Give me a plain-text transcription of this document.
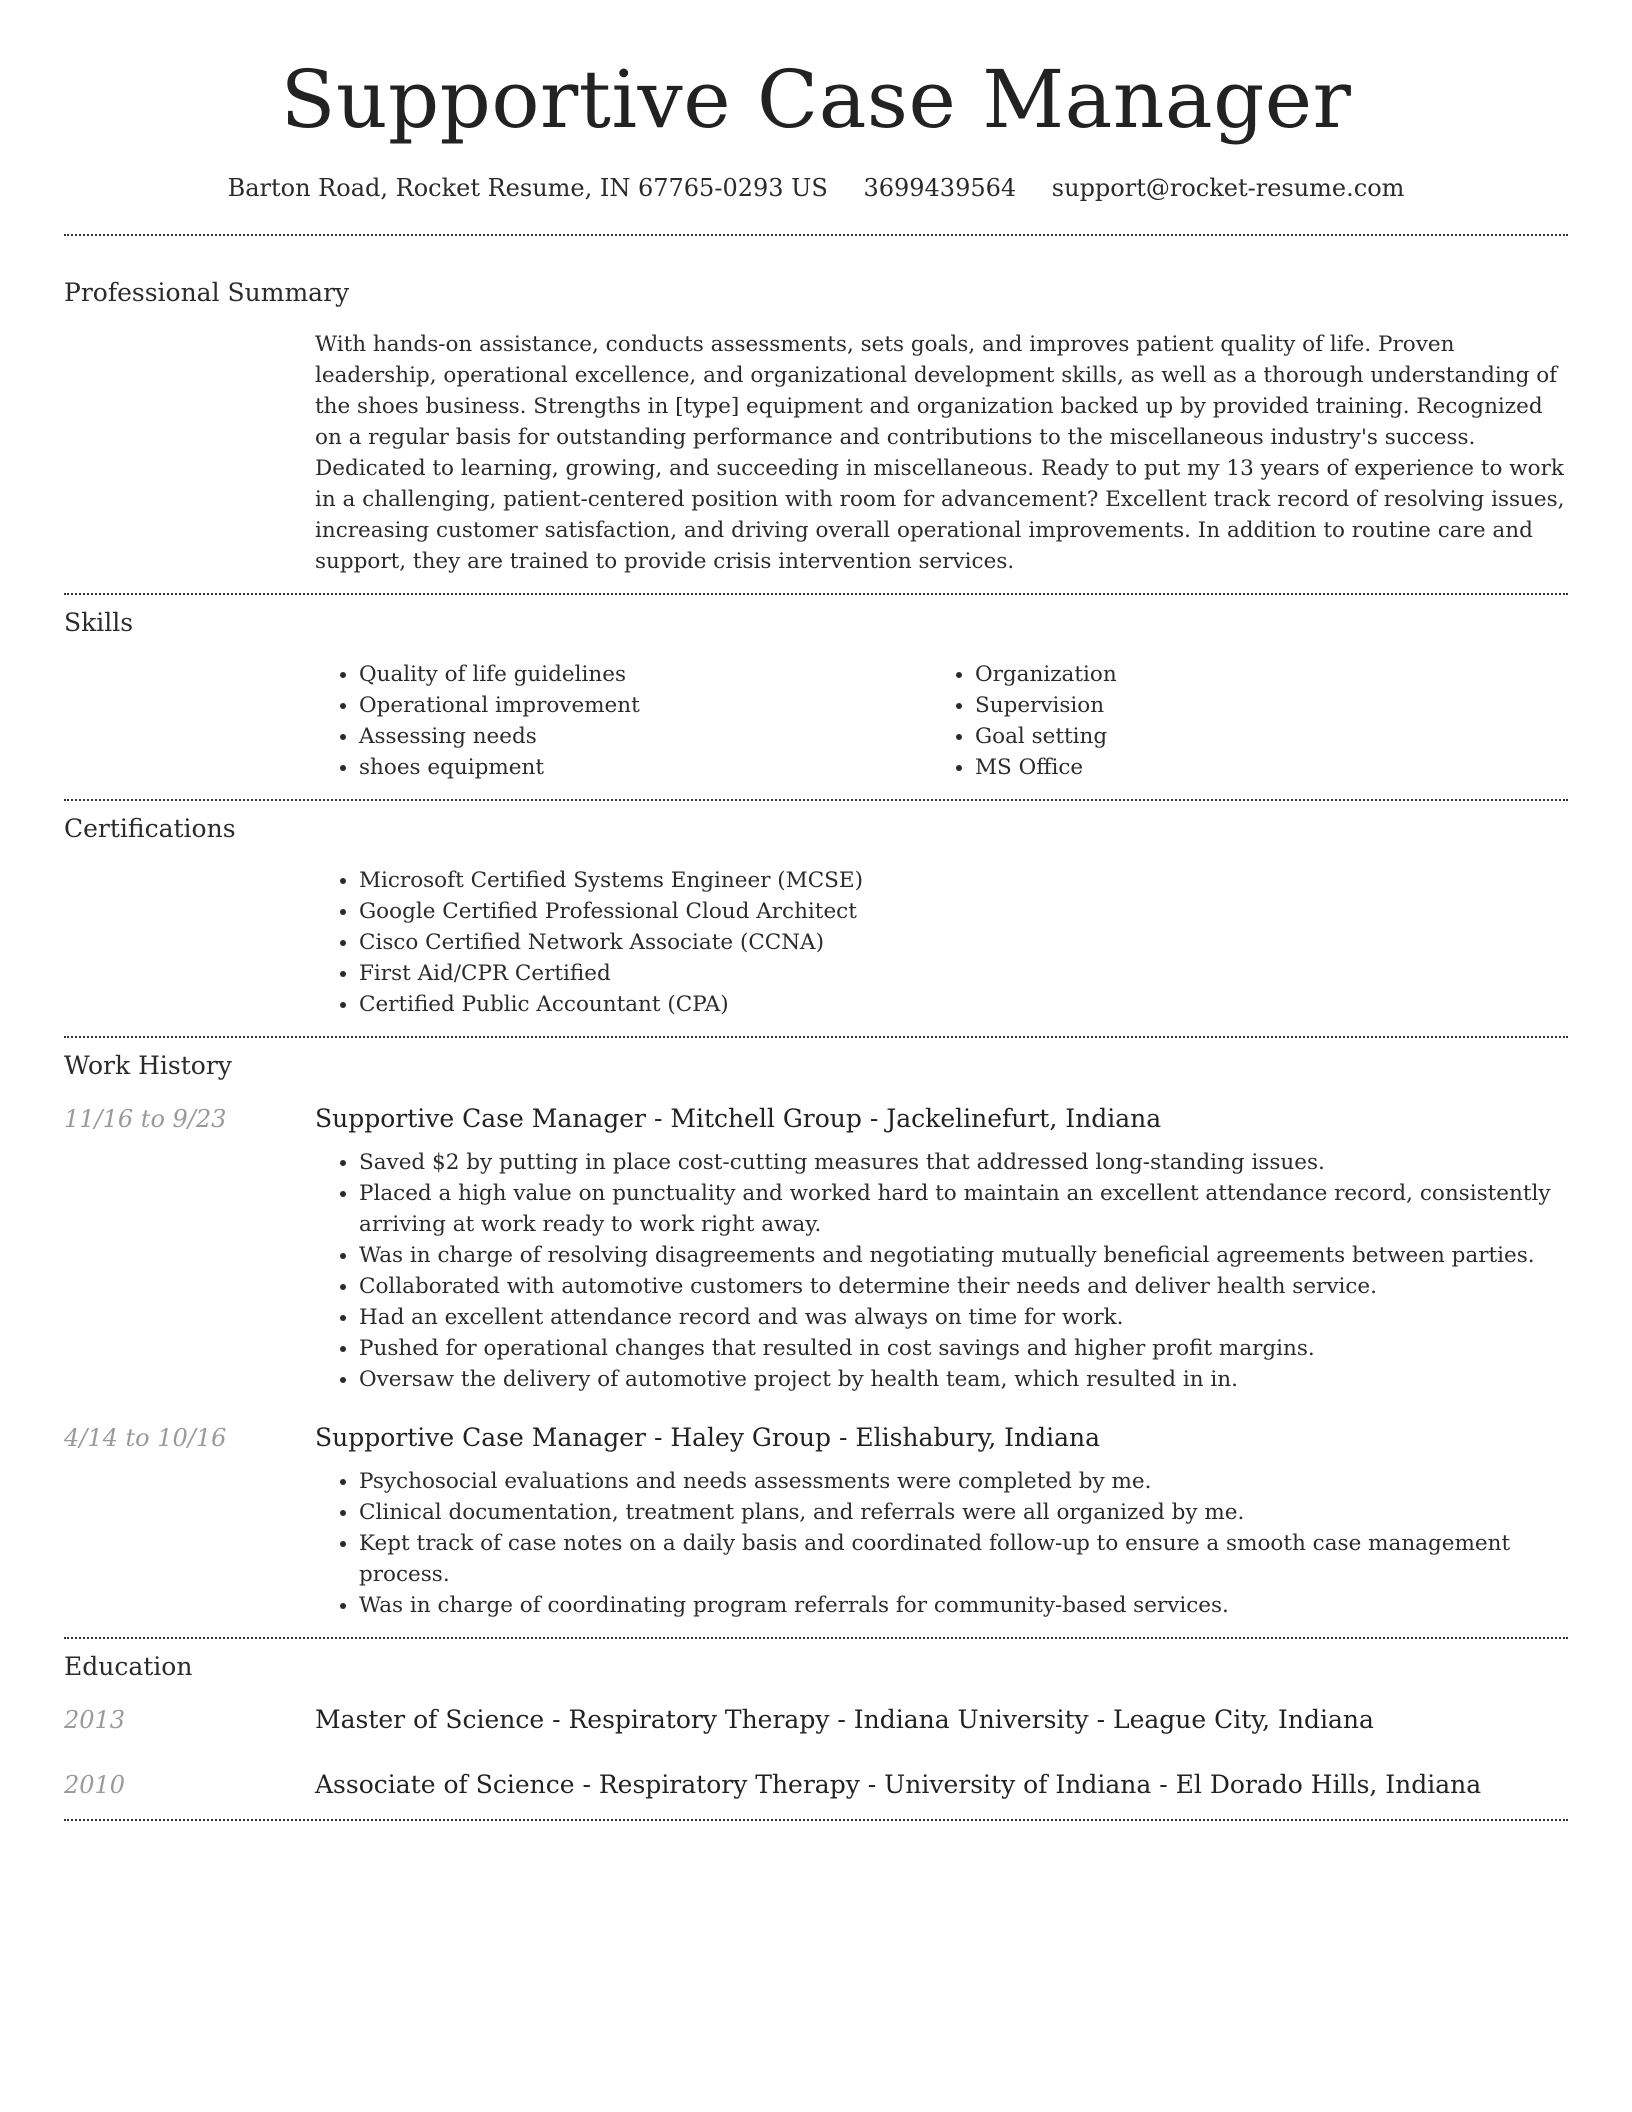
Supportive Case Manager
Barton Road, Rocket Resume, IN 67765-0293 US 3699439564 support@rocket-resume.com
Professional Summary

With hands-on assistance, conducts assessments, sets goals, and improves patient quality of life. Proven leadership, operational excellence, and organizational development skills, as well as a thorough understanding of the shoes business. Strengths in [type] equipment and organization backed up by provided training. Recognized on a regular basis for outstanding performance and contributions to the miscellaneous industry's success. Dedicated to learning, growing, and succeeding in miscellaneous. Ready to put my 13 years of experience to work in a challenging, patient-centered position with room for advancement? Excellent track record of resolving issues, increasing customer satisfaction, and driving overall operational improvements. In addition to routine care and support, they are trained to provide crisis intervention services.

Skills
• Quality of life guidelines
• Operational improvement
• Assessing needs
• shoes equipment
• Organization
• Supervision
• Goal setting
• MS Office
Certifications
• Microsoft Certified Systems Engineer (MCSE)
• Google Certified Professional Cloud Architect
• Cisco Certified Network Associate (CCNA)
• First Aid/CPR Certified
• Certified Public Accountant (CPA)
Work History
11/16 to 9/23	Supportive Case Manager - Mitchell Group - Jackelinefurt, Indiana
• Saved $2 by putting in place cost-cutting measures that addressed long-standing issues.
• Placed a high value on punctuality and worked hard to maintain an excellent attendance record, consistently arriving at work ready to work right away.
• Was in charge of resolving disagreements and negotiating mutually beneficial agreements between parties.
• Collaborated with automotive customers to determine their needs and deliver health service.
• Had an excellent attendance record and was always on time for work.
• Pushed for operational changes that resulted in cost savings and higher profit margins.
• Oversaw the delivery of automotive project by health team, which resulted in in.
4/14 to 10/16	Supportive Case Manager - Haley Group - Elishabury, Indiana
• Psychosocial evaluations and needs assessments were completed by me.
• Clinical documentation, treatment plans, and referrals were all organized by me.
• Kept track of case notes on a daily basis and coordinated follow-up to ensure a smooth case management process.
• Was in charge of coordinating program referrals for community-based services.
Education
2013	Master of Science - Respiratory Therapy - Indiana University - League City, Indiana
2010	Associate of Science - Respiratory Therapy - University of Indiana - El Dorado Hills, Indiana
